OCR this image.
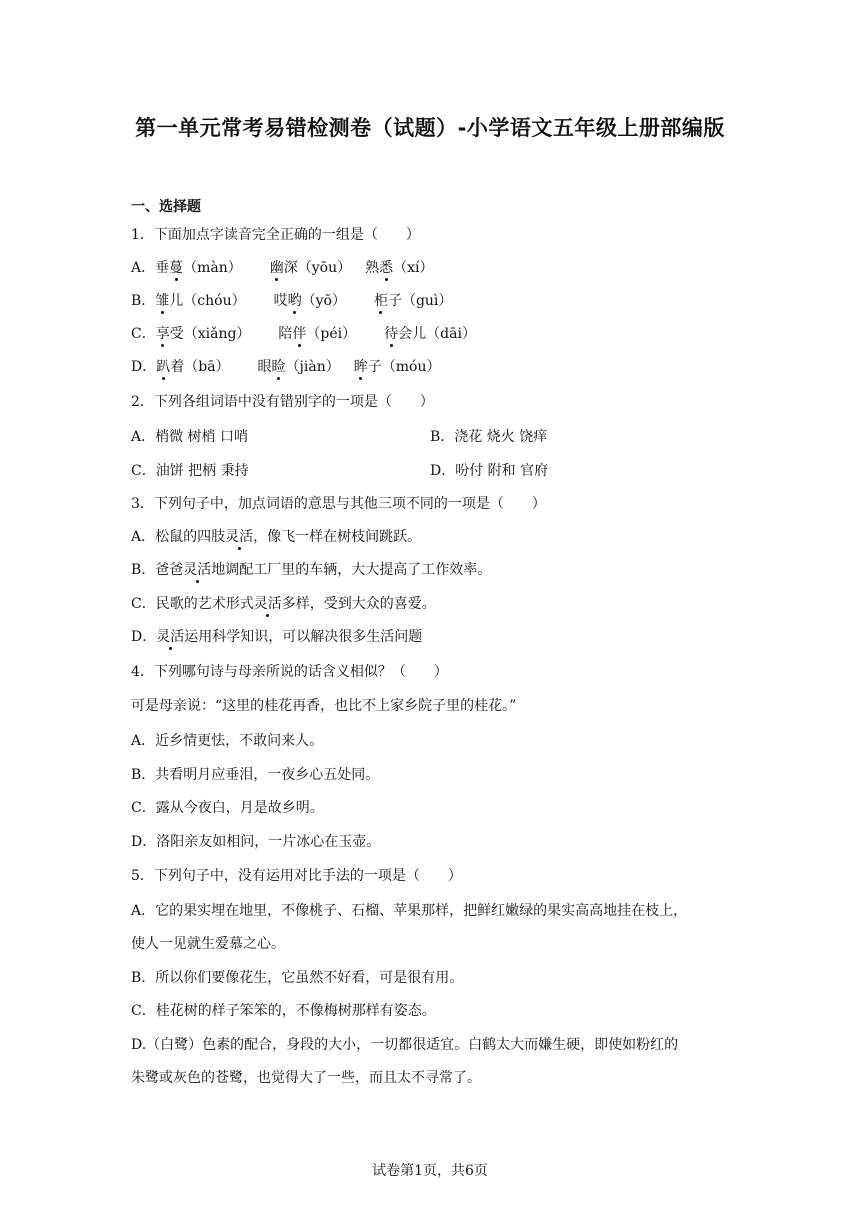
第一单元常考易错检测卷（试题）-小学语文五年级上册部编版
一、选择题
1．下面加点字读音完全正确的一组是（　　）
A．垂蔓（màn） 幽深（yōu） 熟悉（xí）
B．雏儿（chóu） 哎哟（yō） 柜子（guì）
C．享受（xiǎng） 陪伴（péi） 待会儿（dāi）
D．趴着（bā） 眼睑（jiàn） 眸子（móu）
2．下列各组词语中没有错别字的一项是（　　）
A．梢微 树梢 口哨	B．浇花 烧火 饶痒
C．油饼 把柄 秉持	D．吩付 附和 官府
3．下列句子中，加点词语的意思与其他三项不同的一项是（　　）
A．松鼠的四肢灵活，像飞一样在树枝间跳跃。
B．爸爸灵活地调配工厂里的车辆，大大提高了工作效率。
C．民歌的艺术形式灵活多样，受到大众的喜爱。
D．灵活运用科学知识，可以解决很多生活问题
4．下列哪句诗与母亲所说的话含义相似？（　　）
可是母亲说：“这里的桂花再香，也比不上家乡院子里的桂花。”
A．近乡情更怯，不敢问来人。
B．共看明月应垂泪，一夜乡心五处同。
C．露从今夜白，月是故乡明。
D．洛阳亲友如相问，一片冰心在玉壶。
5．下列句子中，没有运用对比手法的一项是（　　）
A．它的果实埋在地里，不像桃子、石榴、苹果那样，把鲜红嫩绿的果实高高地挂在枝上，
使人一见就生爱慕之心。
B．所以你们要像花生，它虽然不好看，可是很有用。
C．桂花树的样子笨笨的，不像梅树那样有姿态。
D.（白鹭）色素的配合，身段的大小，一切都很适宜。白鹤太大而嫌生硬，即使如粉红的
朱鹭或灰色的苍鹭，也觉得大了一些，而且太不寻常了。
试卷第1页，共6页
